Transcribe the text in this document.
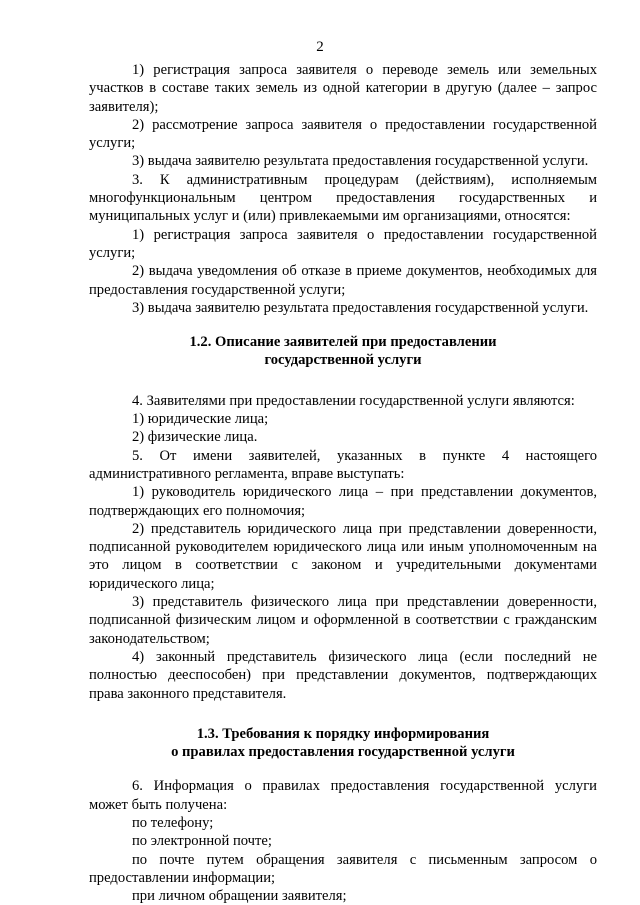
2

1) регистрация запроса заявителя о переводе земель или земельных участков в составе таких земель из одной категории в другую (далее – запрос заявителя);

2) рассмотрение запроса заявителя о предоставлении государственной услуги;

3) выдача заявителю результата предоставления государственной услуги.

3. К административным процедурам (действиям), исполняемым многофункциональным центром предоставления государственных и муниципальных услуг и (или) привлекаемыми им организациями, относятся:

1) регистрация запроса заявителя о предоставлении государственной услуги;

2) выдача уведомления об отказе в приеме документов, необходимых для предоставления государственной услуги;

3) выдача заявителю результата предоставления государственной услуги.

1.2. Описание заявителей при предоставлении
государственной услуги

4. Заявителями при предоставлении государственной услуги являются:

1) юридические лица;

2) физические лица.

5. От имени заявителей, указанных в пункте 4 настоящего административного регламента, вправе выступать:

1) руководитель юридического лица – при представлении документов, подтверждающих его полномочия;

2) представитель юридического лица при представлении доверенности, подписанной руководителем юридического лица или иным уполномоченным на это лицом в соответствии с законом и учредительными документами юридического лица;

3) представитель физического лица при представлении доверенности, подписанной физическим лицом и оформленной в соответствии с гражданским законодательством;

4) законный представитель физического лица (если последний не полностью дееспособен) при представлении документов, подтверждающих права законного представителя.

1.3. Требования к порядку информирования
о правилах предоставления государственной услуги

6. Информация о правилах предоставления государственной услуги может быть получена:

по телефону;

по электронной почте;

по почте путем обращения заявителя с письменным запросом о предоставлении информации;

при личном обращении заявителя;
